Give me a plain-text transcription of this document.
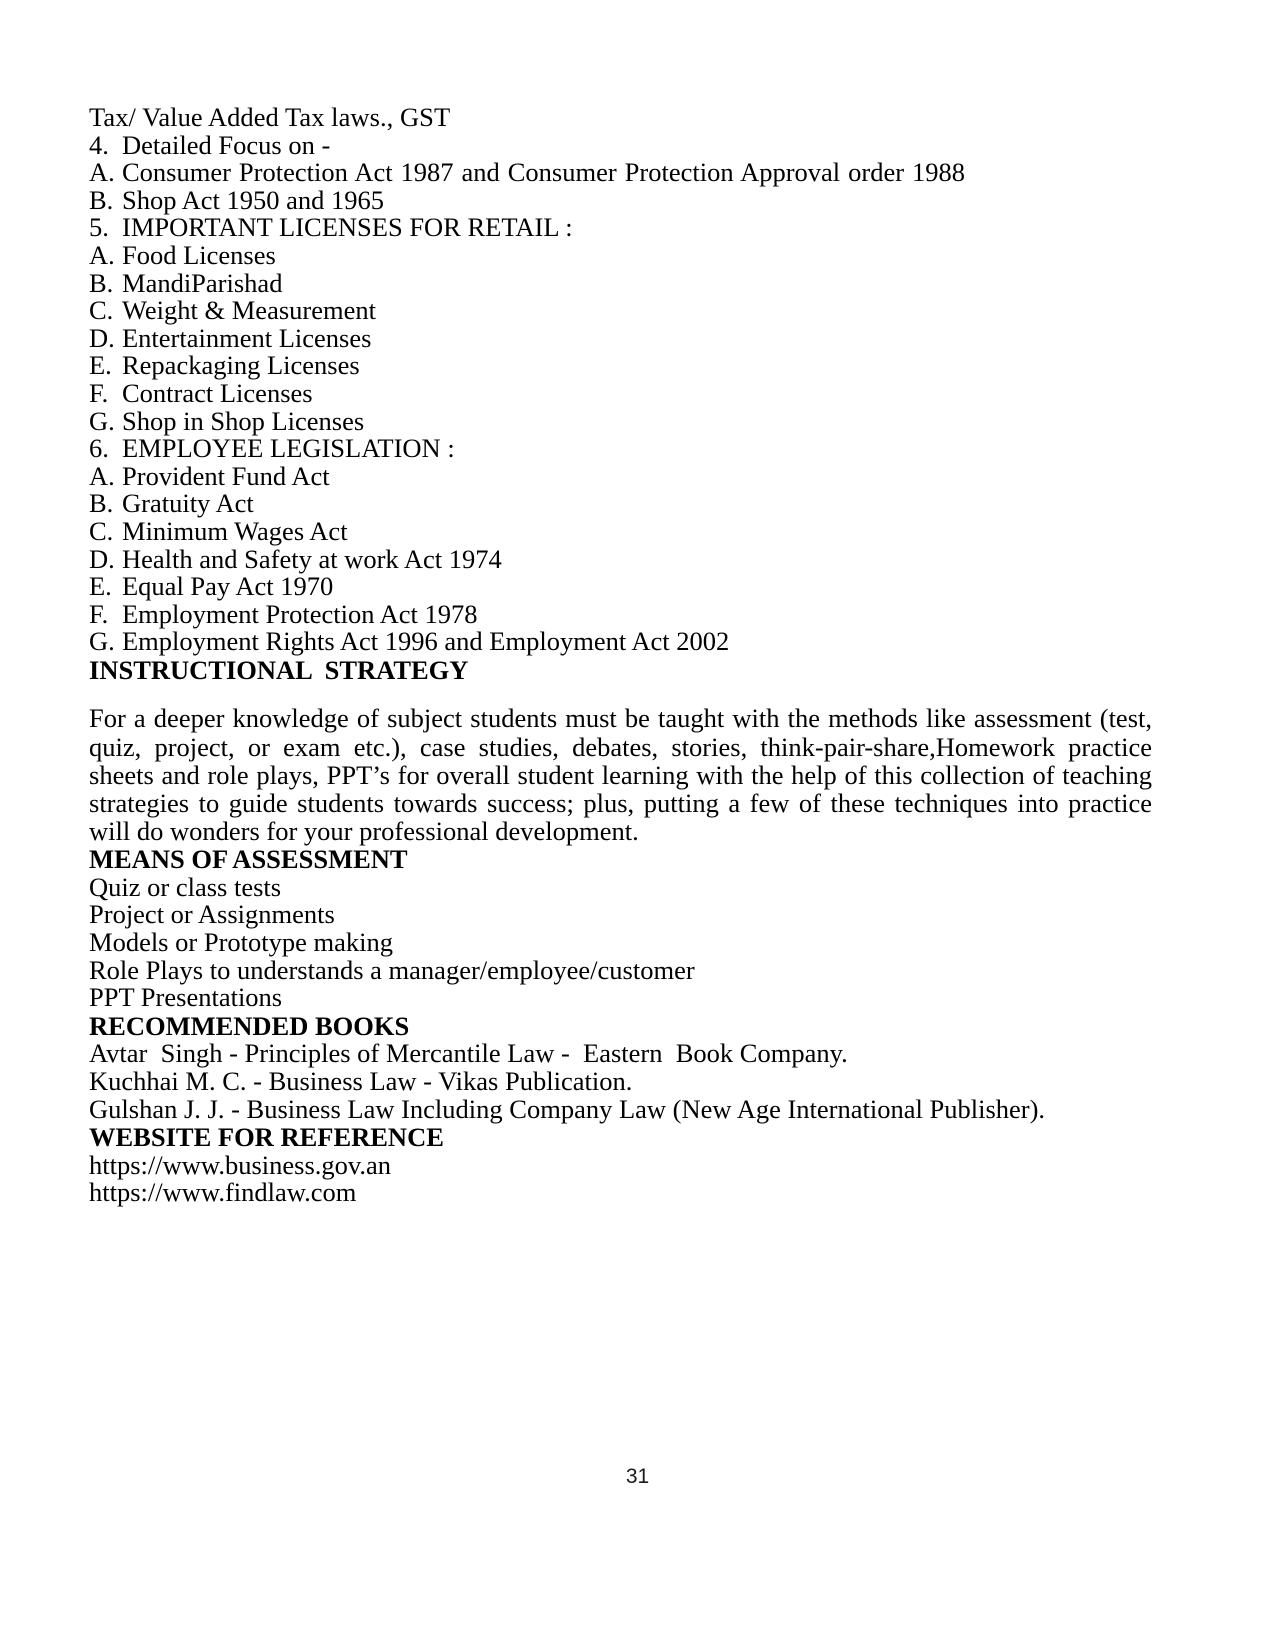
Tax/ Value Added Tax laws., GST
4. Detailed Focus on -
A. Consumer Protection Act 1987 and Consumer Protection Approval order 1988
B. Shop Act 1950 and 1965
5. IMPORTANT LICENSES FOR RETAIL :
A. Food Licenses
B. MandiParishad
C. Weight & Measurement
D. Entertainment Licenses
E. Repackaging Licenses
F. Contract Licenses
G. Shop in Shop Licenses
6. EMPLOYEE LEGISLATION :
A. Provident Fund Act
B. Gratuity Act
C. Minimum Wages Act
D. Health and Safety at work Act 1974
E. Equal Pay Act 1970
F. Employment Protection Act 1978
G. Employment Rights Act 1996 and Employment Act 2002
INSTRUCTIONAL  STRATEGY

For a deeper knowledge of subject students must be taught with the methods like assessment (test, quiz, project, or exam etc.), case studies, debates, stories, think-pair-share,Homework practice sheets and role plays, PPT’s for overall student learning with the help of this collection of teaching strategies to guide students towards success; plus, putting a few of these techniques into practice will do wonders for your professional development.

MEANS OF ASSESSMENT
Quiz or class tests
Project or Assignments
Models or Prototype making
Role Plays to understands a manager/employee/customer
PPT Presentations
RECOMMENDED BOOKS
Avtar  Singh - Principles of Mercantile Law -  Eastern  Book Company.
Kuchhai M. C. - Business Law - Vikas Publication.
Gulshan J. J. - Business Law Including Company Law (New Age International Publisher).
WEBSITE FOR REFERENCE
https://www.business.gov.an
https://www.findlaw.com
31
